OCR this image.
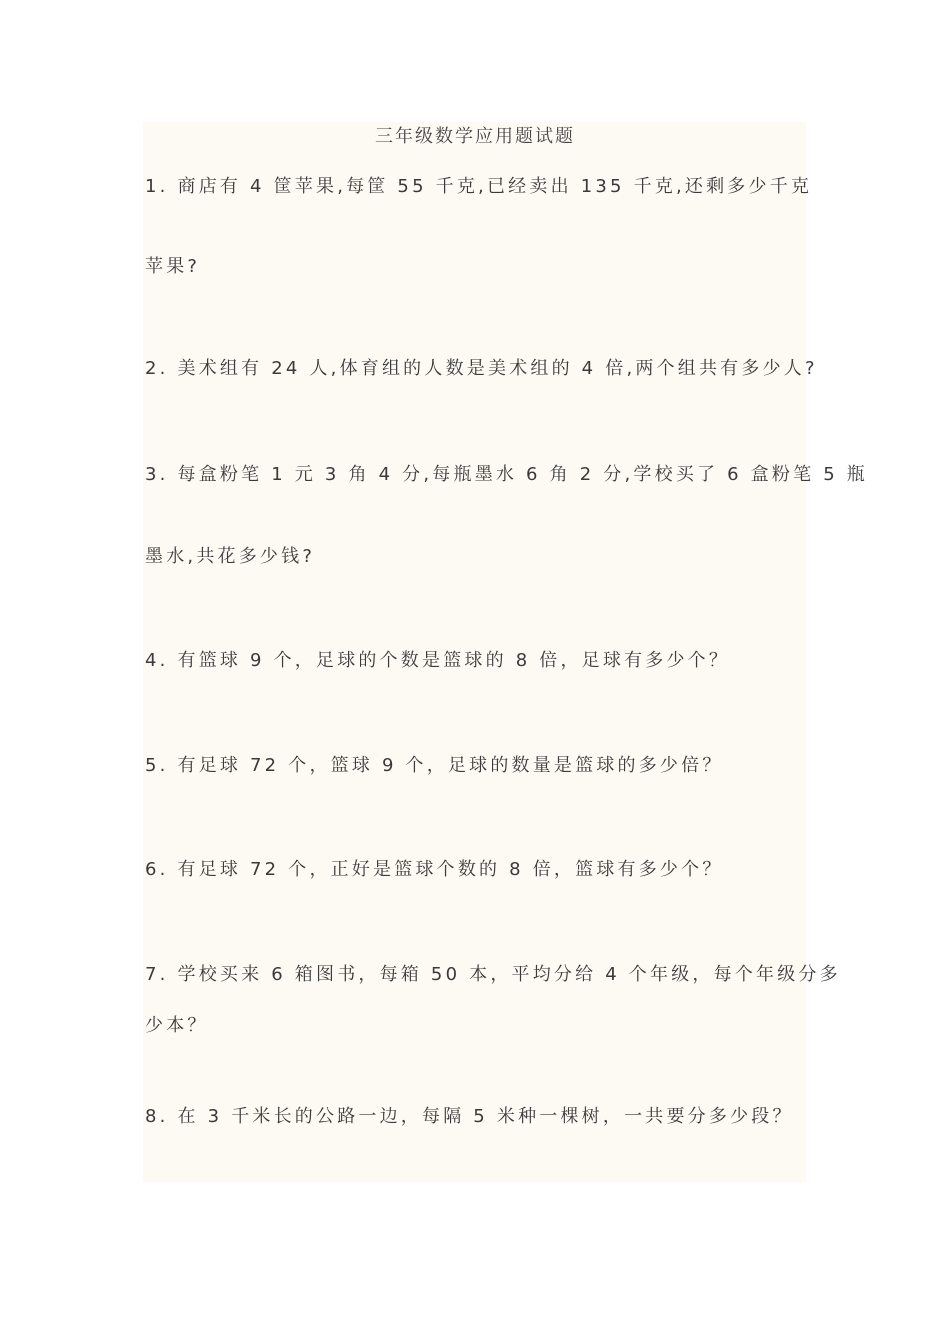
三年级数学应用题试题
1. 商店有 4 筐苹果,每筐 55 千克,已经卖出 135 千克,还剩多少千克
苹果?
2. 美术组有 24 人,体育组的人数是美术组的 4 倍,两个组共有多少人?
3. 每盒粉笔 1 元 3 角 4 分,每瓶墨水 6 角 2 分,学校买了 6 盒粉笔 5 瓶
墨水,共花多少钱?
4. 有篮球 9 个，足球的个数是篮球的 8 倍，足球有多少个？
5. 有足球 72 个，篮球 9 个，足球的数量是篮球的多少倍？
6. 有足球 72 个，正好是篮球个数的 8 倍，篮球有多少个？
7. 学校买来 6 箱图书，每箱 50 本，平均分给 4 个年级，每个年级分多
少本？
8. 在 3 千米长的公路一边，每隔 5 米种一棵树，一共要分多少段？
